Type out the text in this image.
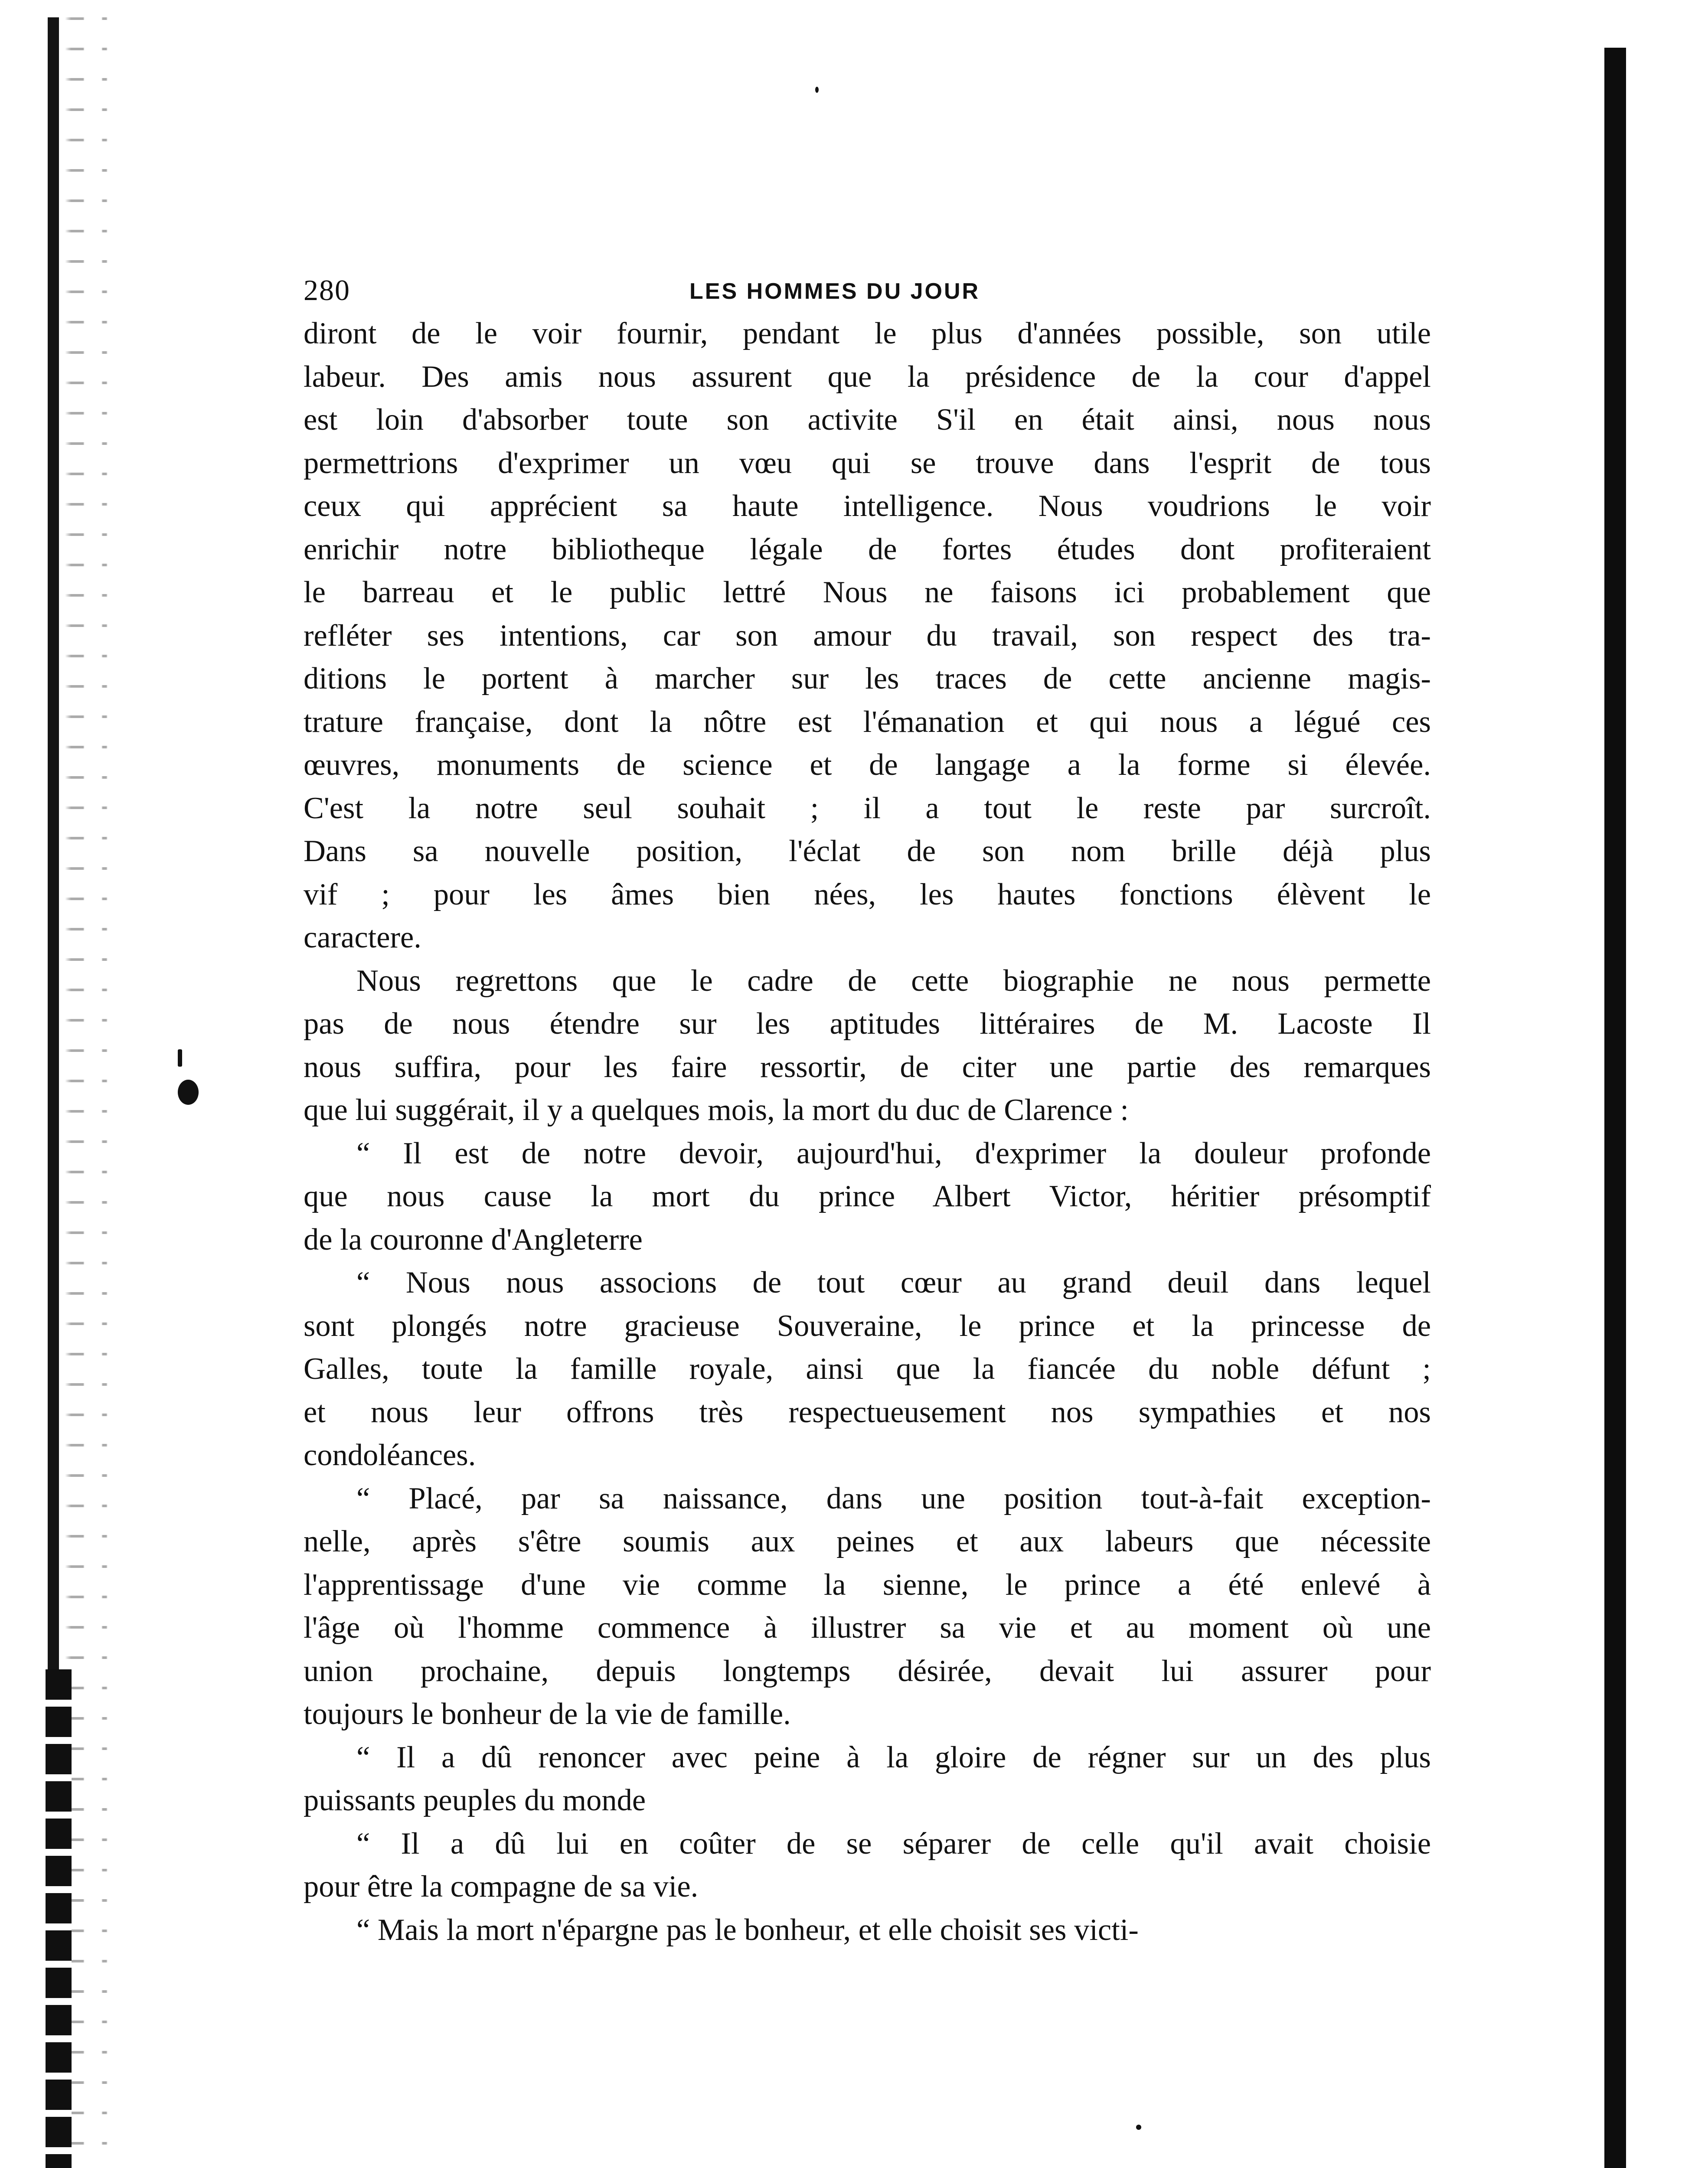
280	LES HOMMES DU JOUR

diront de le voir fournir, pendant le plus d'années possible, son utile
labeur. Des amis nous assurent que la présidence de la cour d'appel
est loin d'absorber toute son activite S'il en était ainsi, nous nous
permettrions d'exprimer un vœu qui se trouve dans l'esprit de tous
ceux qui apprécient sa haute intelligence. Nous voudrions le voir
enrichir notre bibliotheque légale de fortes études dont profiteraient
le barreau et le public lettré Nous ne faisons ici probablement que
refléter ses intentions, car son amour du travail, son respect des tra-
ditions le portent à marcher sur les traces de cette ancienne magis-
trature française, dont la nôtre est l'émanation et qui nous a légué ces
œuvres, monuments de science et de langage a la forme si élevée.
C'est la notre seul souhait ; il a tout le reste par surcroît.
Dans sa nouvelle position, l'éclat de son nom brille déjà plus
vif ; pour les âmes bien nées, les hautes fonctions élèvent le
caractere.

Nous regrettons que le cadre de cette biographie ne nous permette
pas de nous étendre sur les aptitudes littéraires de M. Lacoste Il
nous suffira, pour les faire ressortir, de citer une partie des remarques
que lui suggérait, il y a quelques mois, la mort du duc de Clarence :

“ Il est de notre devoir, aujourd'hui, d'exprimer la douleur profonde
que nous cause la mort du prince Albert Victor, héritier présomptif
de la couronne d'Angleterre

“ Nous nous associons de tout cœur au grand deuil dans lequel
sont plongés notre gracieuse Souveraine, le prince et la princesse de
Galles, toute la famille royale, ainsi que la fiancée du noble défunt ;
et nous leur offrons très respectueusement nos sympathies et nos
condoléances.

“ Placé, par sa naissance, dans une position tout-à-fait exception-
nelle, après s'être soumis aux peines et aux labeurs que nécessite
l'apprentissage d'une vie comme la sienne, le prince a été enlevé à
l'âge où l'homme commence à illustrer sa vie et au moment où une
union prochaine, depuis longtemps désirée, devait lui assurer pour
toujours le bonheur de la vie de famille.

“ Il a dû renoncer avec peine à la gloire de régner sur un des plus
puissants peuples du monde

“ Il a dû lui en coûter de se séparer de celle qu'il avait choisie
pour être la compagne de sa vie.

“ Mais la mort n'épargne pas le bonheur, et elle choisit ses victi-
